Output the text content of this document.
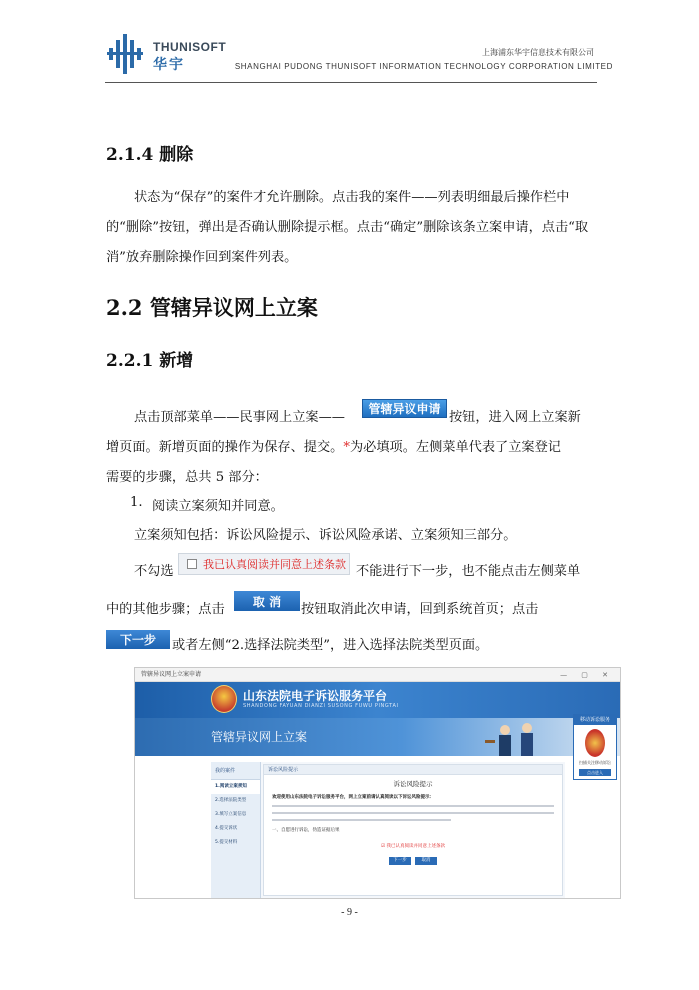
THUNISOFT
华宇
上海浦东华宇信息技术有限公司
SHANGHAI PUDONG THUNISOFT INFORMATION TECHNOLOGY CORPORATION LIMITED
2.1.4 删除
状态为“保存”的案件才允许删除。点击我的案件——列表明细最后操作栏中的“删除”按钮，弹出是否确认删除提示框。点击“确定”删除该条立案申请，点击“取消”放弃删除操作回到案件列表。
2.2 管辖异议网上立案
2.2.1 新增
点击顶部菜单——民事网上立案——
管辖异议申请
按钮，进入网上立案新
增页面。新增页面的操作为保存、提交。*为必填项。左侧菜单代表了立案登记
需要的步骤，总共 5 部分：
1. 阅读立案须知并同意。
立案须知包括：诉讼风险提示、诉讼风险承诺、立案须知三部分。
不勾选	我已认真阅读并同意上述条款 不能进行下一步，也不能点击左侧菜单
中的其他步骤；点击
取 消
按钮取消此次申请，回到系统首页；点击
下一步	或者左侧“2.选择法院类型”，进入选择法院类型页面。
管辖异议网上立案申请	— ▢ ✕
山东法院电子诉讼服务平台
SHANDONG FAYUAN DIANZI SUSONG FUWU PINGTAI
管辖异议网上立案
移动诉讼服务
扫描关注移动诉讼
点击进入
我的案件
1.阅读立案须知
2.选择法院类型
3.填写立案信息
4.提交诉状
5.提交材料
诉讼风险提示
诉讼风险提示
欢迎使用山东法院电子诉讼服务平台，网上立案前请认真阅读以下诉讼风险提示：
一、自愿进行诉讼，伪造证据后果
☑ 我已认真阅读并同意上述条款
下一步	取消
- 9 -
